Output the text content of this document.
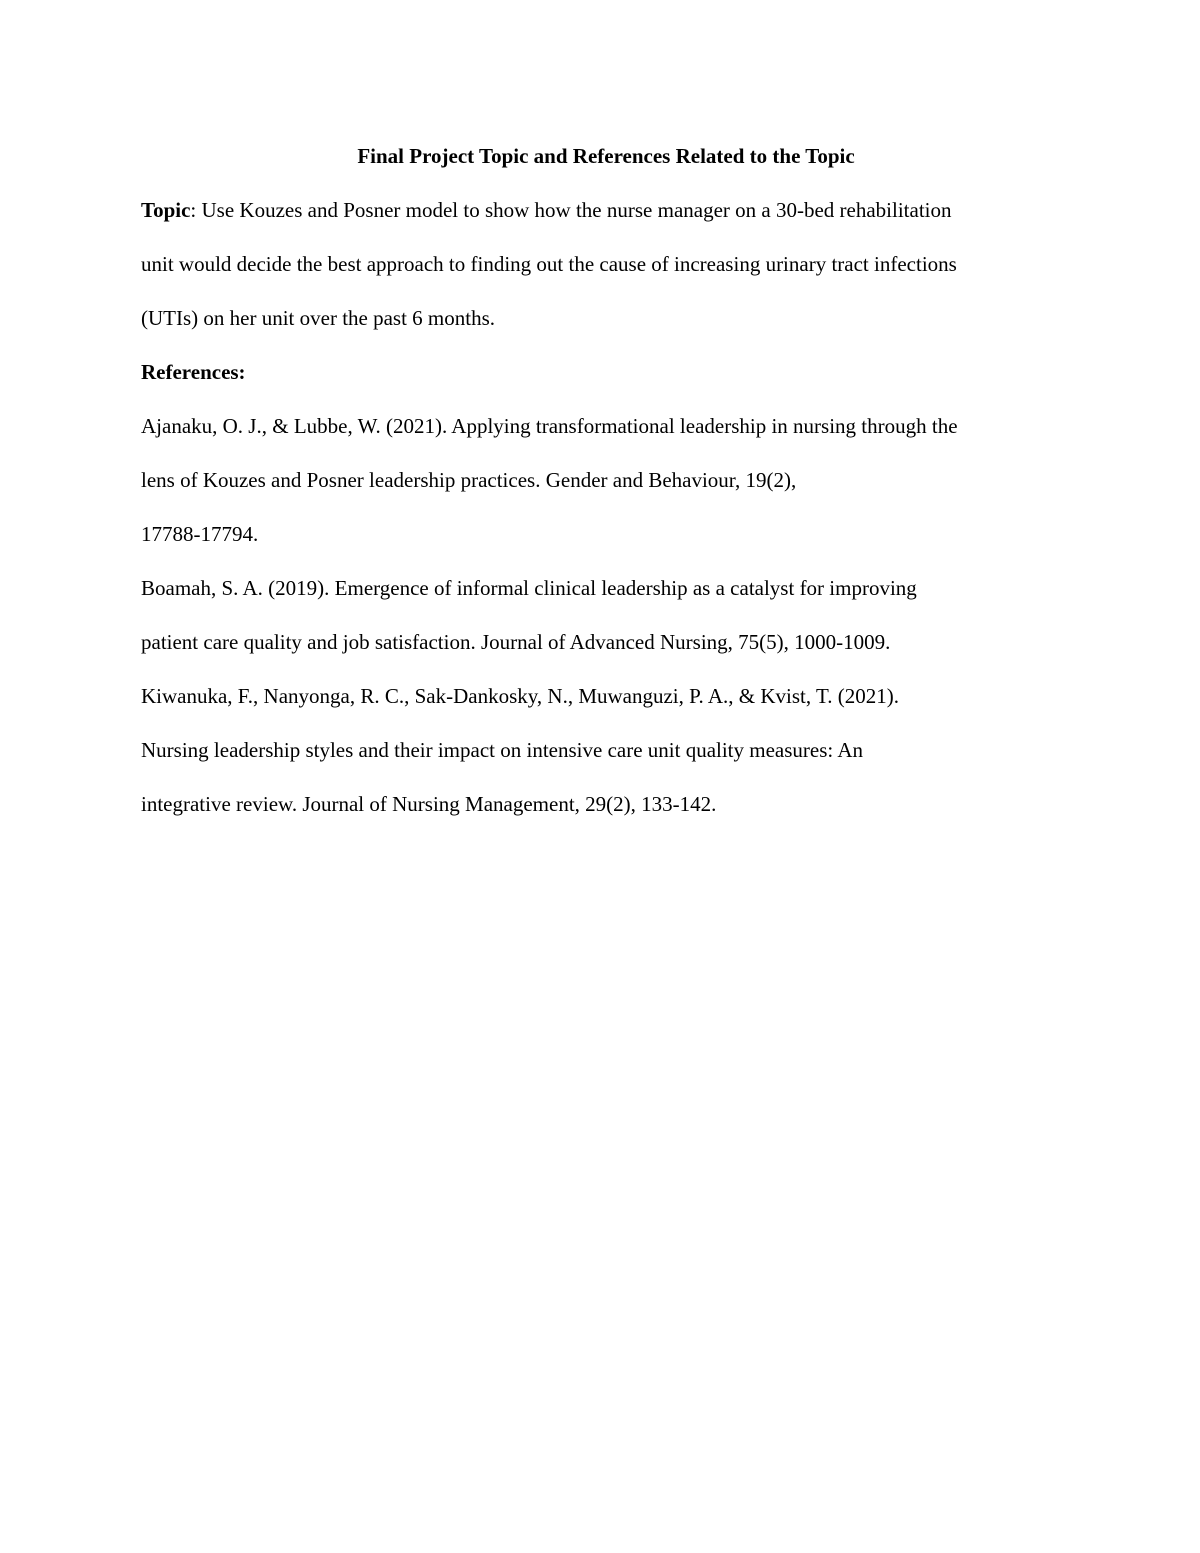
Final Project Topic and References Related to the Topic

Topic: Use Kouzes and Posner model to show how the nurse manager on a 30-bed rehabilitation
unit would decide the best approach to finding out the cause of increasing urinary tract infections
(UTIs) on her unit over the past 6 months.

References:

Ajanaku, O. J., & Lubbe, W. (2021). Applying transformational leadership in nursing through the
lens of Kouzes and Posner leadership practices. Gender and Behaviour, 19(2),
17788-17794.

Boamah, S. A. (2019). Emergence of informal clinical leadership as a catalyst for improving
patient care quality and job satisfaction. Journal of Advanced Nursing, 75(5), 1000-1009.

Kiwanuka, F., Nanyonga, R. C., Sak-Dankosky, N., Muwanguzi, P. A., & Kvist, T. (2021).
Nursing leadership styles and their impact on intensive care unit quality measures: An
integrative review. Journal of Nursing Management, 29(2), 133-142.
